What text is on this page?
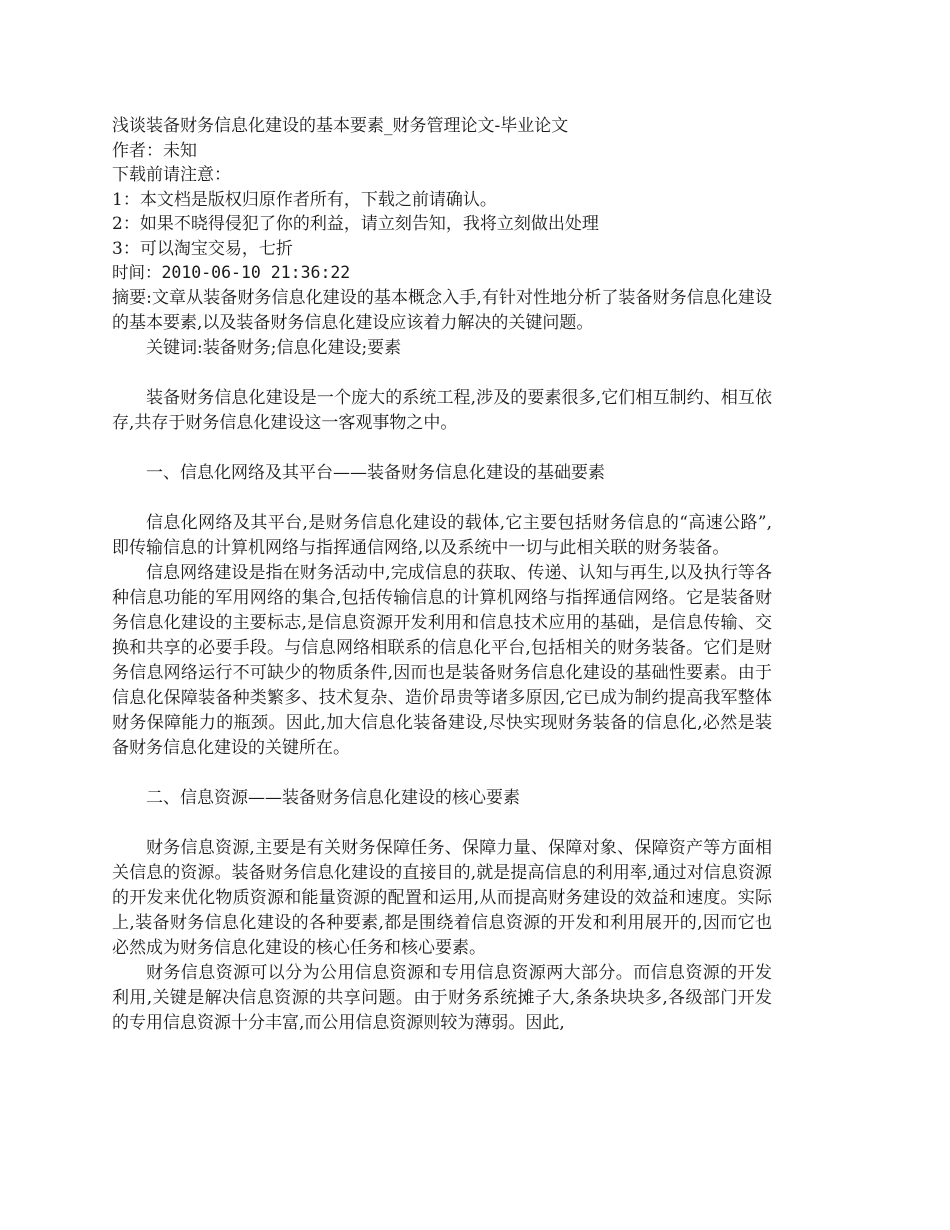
浅谈装备财务信息化建设的基本要素_财务管理论文-毕业论文

作者：未知

下载前请注意：

1：本文档是版权归原作者所有，下载之前请确认。

2：如果不晓得侵犯了你的利益，请立刻告知，我将立刻做出处理

3：可以淘宝交易，七折

时间：2010-06-10 21:36:22

摘要:文章从装备财务信息化建设的基本概念入手,有针对性地分析了装备财务信息化建设的基本要素,以及装备财务信息化建设应该着力解决的关键问题。

关键词:装备财务;信息化建设;要素

装备财务信息化建设是一个庞大的系统工程,涉及的要素很多,它们相互制约、相互依存,共存于财务信息化建设这一客观事物之中。

一、信息化网络及其平台——装备财务信息化建设的基础要素

信息化网络及其平台,是财务信息化建设的载体,它主要包括财务信息的“高速公路”,即传输信息的计算机网络与指挥通信网络,以及系统中一切与此相关联的财务装备。

信息网络建设是指在财务活动中,完成信息的获取、传递、认知与再生,以及执行等各种信息功能的军用网络的集合,包括传输信息的计算机网络与指挥通信网络。它是装备财务信息化建设的主要标志,是信息资源开发利用和信息技术应用的基础，是信息传输、交换和共享的必要手段。与信息网络相联系的信息化平台,包括相关的财务装备。它们是财务信息网络运行不可缺少的物质条件,因而也是装备财务信息化建设的基础性要素。由于信息化保障装备种类繁多、技术复杂、造价昂贵等诸多原因,它已成为制约提高我军整体财务保障能力的瓶颈。因此,加大信息化装备建设,尽快实现财务装备的信息化,必然是装备财务信息化建设的关键所在。

二、信息资源——装备财务信息化建设的核心要素

财务信息资源,主要是有关财务保障任务、保障力量、保障对象、保障资产等方面相关信息的资源。装备财务信息化建设的直接目的,就是提高信息的利用率,通过对信息资源的开发来优化物质资源和能量资源的配置和运用,从而提高财务建设的效益和速度。实际上,装备财务信息化建设的各种要素,都是围绕着信息资源的开发和利用展开的,因而它也必然成为财务信息化建设的核心任务和核心要素。

财务信息资源可以分为公用信息资源和专用信息资源两大部分。而信息资源的开发利用,关键是解决信息资源的共享问题。由于财务系统摊子大,条条块块多,各级部门开发的专用信息资源十分丰富,而公用信息资源则较为薄弱。因此,
